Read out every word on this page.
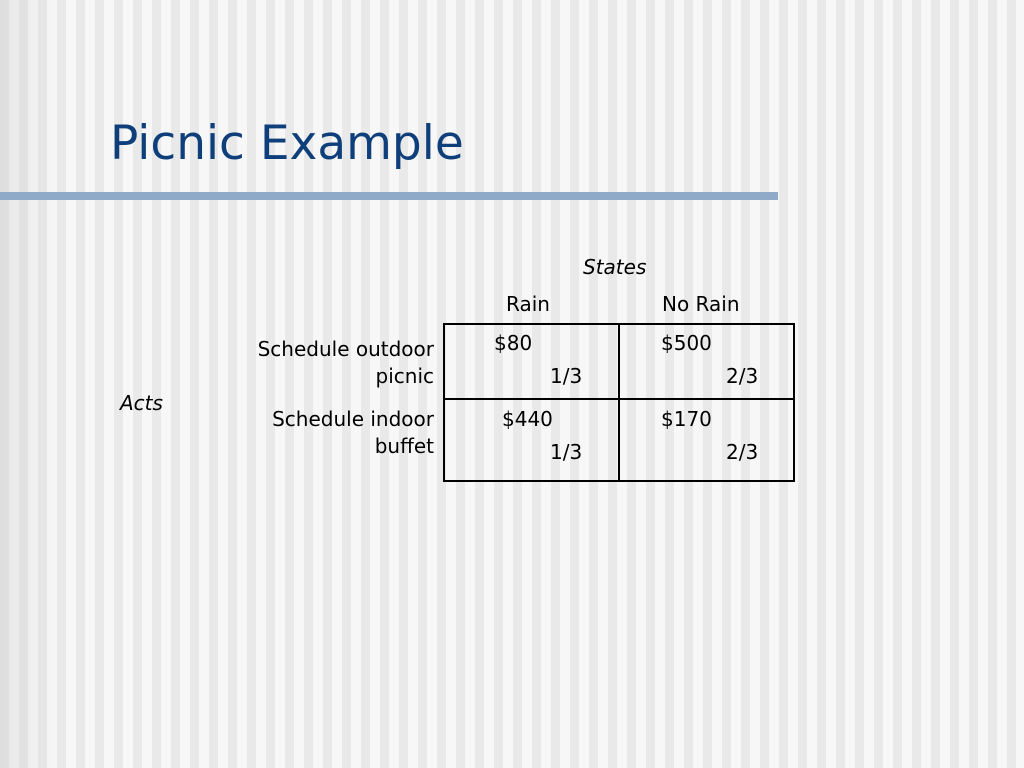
Picnic Example
States
Acts
Rain	No Rain
Schedule outdoor
picnic
Schedule indoor
buffet
$80
1/3
$500
2/3
$440
1/3
$170
2/3
